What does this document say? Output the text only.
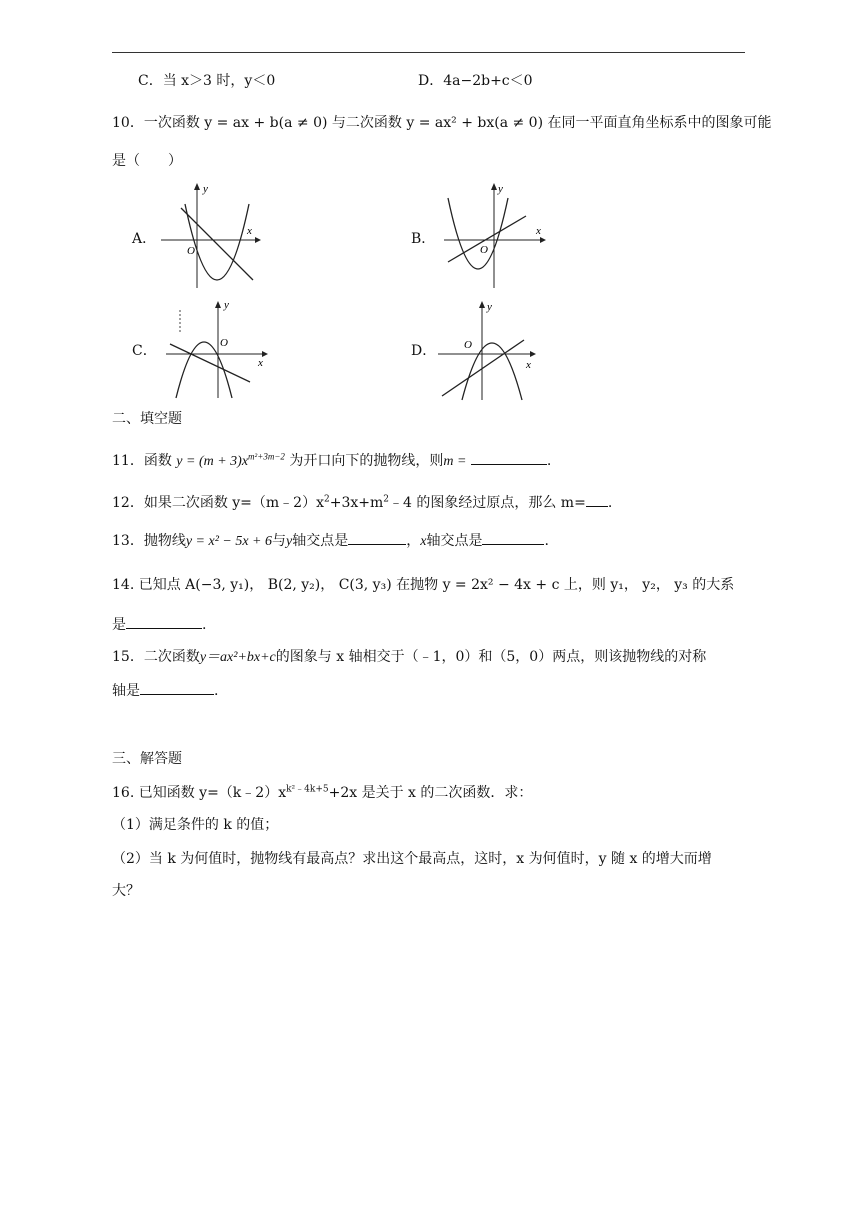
C．当 x＞3 时，y＜0	D．4a−2b+c＜0
10．一次函数 y = ax + b(a ≠ 0) 与二次函数 y = ax² + bx(a ≠ 0) 在同一平面直角坐标系中的图象可能
是（　　）
A．	B．
C．	D．
y
x
O
y
x
O
y
x
O
y
x
O
二、填空题
11．函数 $y = (m + 3)x^{m^2+3m-2}$ 为开口向下的抛物线，则m =	.
12．如果二次函数 $y=(m﹣2)x^2+3x+m^2﹣4$ 的图象经过原点，那么 m= .
13．抛物线y = x² − 5x + 6与y轴交点是	，x轴交点是	.
14. 已知点 A(−3, y₁)， B(2, y₂)， C(3, y₃) 在抛物 y = 2x² − 4x + c 上，则 y₁， y₂， y₃ 的大系
是	.
15．二次函数y＝ax²+bx+c的图象与 x 轴相交于（﹣1，0）和（5，0）两点，则该抛物线的对称
轴是	.
三、解答题
16. 已知函数 $y=(k﹣2)x^{k^2﹣4k+5}+2x$ 是关于 x 的二次函数．求：
（1）满足条件的 k 的值；
（2）当 k 为何值时，抛物线有最高点？求出这个最高点，这时，x 为何值时，y 随 x 的增大而增
大？
